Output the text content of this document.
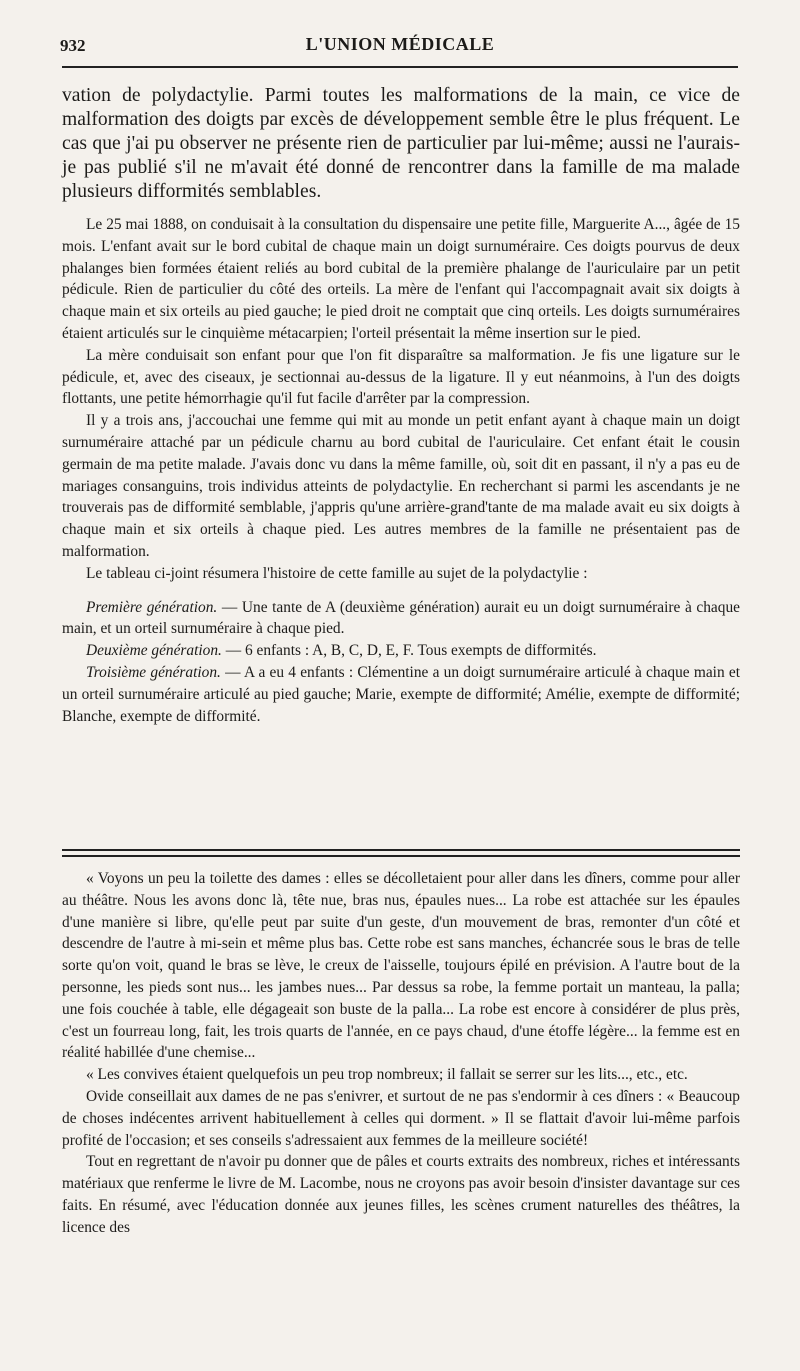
932	L'UNION MÉDICALE

vation de polydactylie. Parmi toutes les malformations de la main, ce vice de malformation des doigts par excès de développement semble être le plus fréquent. Le cas que j'ai pu observer ne présente rien de particulier par lui-même; aussi ne l'aurais-je pas publié s'il ne m'avait été donné de rencontrer dans la famille de ma malade plusieurs difformités semblables.

Le 25 mai 1888, on conduisait à la consultation du dispensaire une petite fille, Marguerite A..., âgée de 15 mois. L'enfant avait sur le bord cubital de chaque main un doigt surnuméraire. Ces doigts pourvus de deux phalanges bien formées étaient reliés au bord cubital de la première phalange de l'auriculaire par un petit pédicule. Rien de particulier du côté des orteils. La mère de l'enfant qui l'accompagnait avait six doigts à chaque main et six orteils au pied gauche; le pied droit ne comptait que cinq orteils. Les doigts surnuméraires étaient articulés sur le cinquième métacarpien; l'orteil présentait la même insertion sur le pied.

La mère conduisait son enfant pour que l'on fit disparaître sa malformation. Je fis une ligature sur le pédicule, et, avec des ciseaux, je sectionnai au-dessus de la ligature. Il y eut néanmoins, à l'un des doigts flottants, une petite hémorrhagie qu'il fut facile d'arrêter par la compression.

Il y a trois ans, j'accouchai une femme qui mit au monde un petit enfant ayant à chaque main un doigt surnuméraire attaché par un pédicule charnu au bord cubital de l'auriculaire. Cet enfant était le cousin germain de ma petite malade. J'avais donc vu dans la même famille, où, soit dit en passant, il n'y a pas eu de mariages consanguins, trois individus atteints de polydactylie. En recherchant si parmi les ascendants je ne trouverais pas de difformité semblable, j'appris qu'une arrière-grand'tante de ma malade avait eu six doigts à chaque main et six orteils à chaque pied. Les autres membres de la famille ne présentaient pas de malformation.

Le tableau ci-joint résumera l'histoire de cette famille au sujet de la polydactylie :

Première génération. — Une tante de A (deuxième génération) aurait eu un doigt surnuméraire à chaque main, et un orteil surnuméraire à chaque pied.

Deuxième génération. — 6 enfants : A, B, C, D, E, F. Tous exempts de difformités.

Troisième génération. — A a eu 4 enfants : Clémentine a un doigt surnuméraire articulé à chaque main et un orteil surnuméraire articulé au pied gauche; Marie, exempte de difformité; Amélie, exempte de difformité; Blanche, exempte de difformité.

« Voyons un peu la toilette des dames : elles se décolletaient pour aller dans les dîners, comme pour aller au théâtre. Nous les avons donc là, tête nue, bras nus, épaules nues... La robe est attachée sur les épaules d'une manière si libre, qu'elle peut par suite d'un geste, d'un mouvement de bras, remonter d'un côté et descendre de l'autre à mi-sein et même plus bas. Cette robe est sans manches, échancrée sous le bras de telle sorte qu'on voit, quand le bras se lève, le creux de l'aisselle, toujours épilé en prévision. A l'autre bout de la personne, les pieds sont nus... les jambes nues... Par dessus sa robe, la femme portait un manteau, la palla; une fois couchée à table, elle dégageait son buste de la palla... La robe est encore à considérer de plus près, c'est un fourreau long, fait, les trois quarts de l'année, en ce pays chaud, d'une étoffe légère... la femme est en réalité habillée d'une chemise...

« Les convives étaient quelquefois un peu trop nombreux; il fallait se serrer sur les lits..., etc., etc.

Ovide conseillait aux dames de ne pas s'enivrer, et surtout de ne pas s'endormir à ces dîners : « Beaucoup de choses indécentes arrivent habituellement à celles qui dorment. » Il se flattait d'avoir lui-même parfois profité de l'occasion; et ses conseils s'adressaient aux femmes de la meilleure société!

Tout en regrettant de n'avoir pu donner que de pâles et courts extraits des nombreux, riches et intéressants matériaux que renferme le livre de M. Lacombe, nous ne croyons pas avoir besoin d'insister davantage sur ces faits. En résumé, avec l'éducation donnée aux jeunes filles, les scènes crument naturelles des théâtres, la licence des
